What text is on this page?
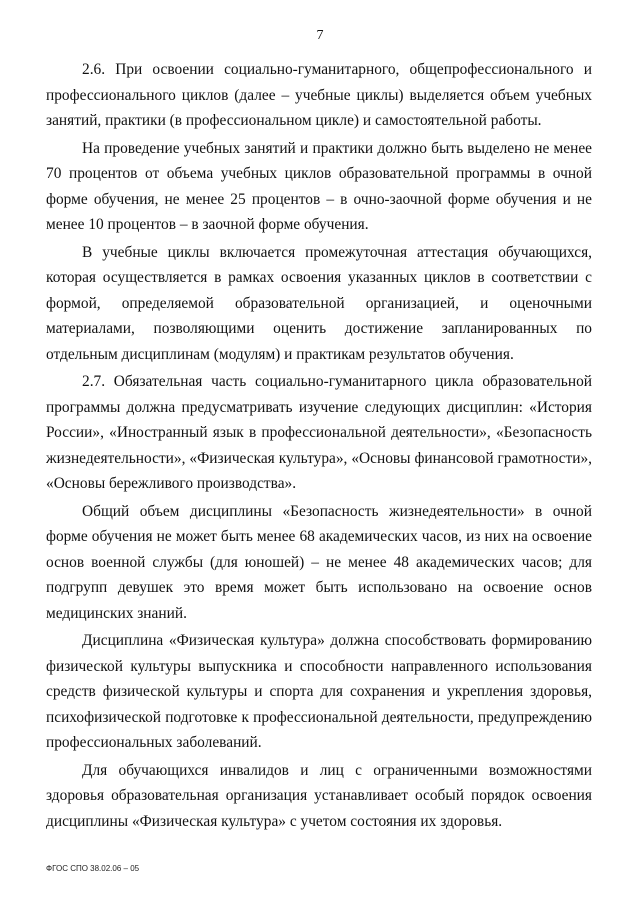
7

2.6. При освоении социально-гуманитарного, общепрофессионального и профессионального циклов (далее – учебные циклы) выделяется объем учебных занятий, практики (в профессиональном цикле) и самостоятельной работы.

На проведение учебных занятий и практики должно быть выделено не менее 70 процентов от объема учебных циклов образовательной программы в очной форме обучения, не менее 25 процентов – в очно-заочной форме обучения и не менее 10 процентов – в заочной форме обучения.

В учебные циклы включается промежуточная аттестация обучающихся, которая осуществляется в рамках освоения указанных циклов в соответствии с формой, определяемой образовательной организацией, и оценочными материалами, позволяющими оценить достижение запланированных по отдельным дисциплинам (модулям) и практикам результатов обучения.

2.7. Обязательная часть социально-гуманитарного цикла образовательной программы должна предусматривать изучение следующих дисциплин: «История России», «Иностранный язык в профессиональной деятельности», «Безопасность жизнедеятельности», «Физическая культура», «Основы финансовой грамотности», «Основы бережливого производства».

Общий объем дисциплины «Безопасность жизнедеятельности» в очной форме обучения не может быть менее 68 академических часов, из них на освоение основ военной службы (для юношей) – не менее 48 академических часов; для подгрупп девушек это время может быть использовано на освоение основ медицинских знаний.

Дисциплина «Физическая культура» должна способствовать формированию физической культуры выпускника и способности направленного использования средств физической культуры и спорта для сохранения и укрепления здоровья, психофизической подготовке к профессиональной деятельности, предупреждению профессиональных заболеваний.

Для обучающихся инвалидов и лиц с ограниченными возможностями здоровья образовательная организация устанавливает особый порядок освоения дисциплины «Физическая культура» с учетом состояния их здоровья.

ФГОС СПО 38.02.06 – 05
